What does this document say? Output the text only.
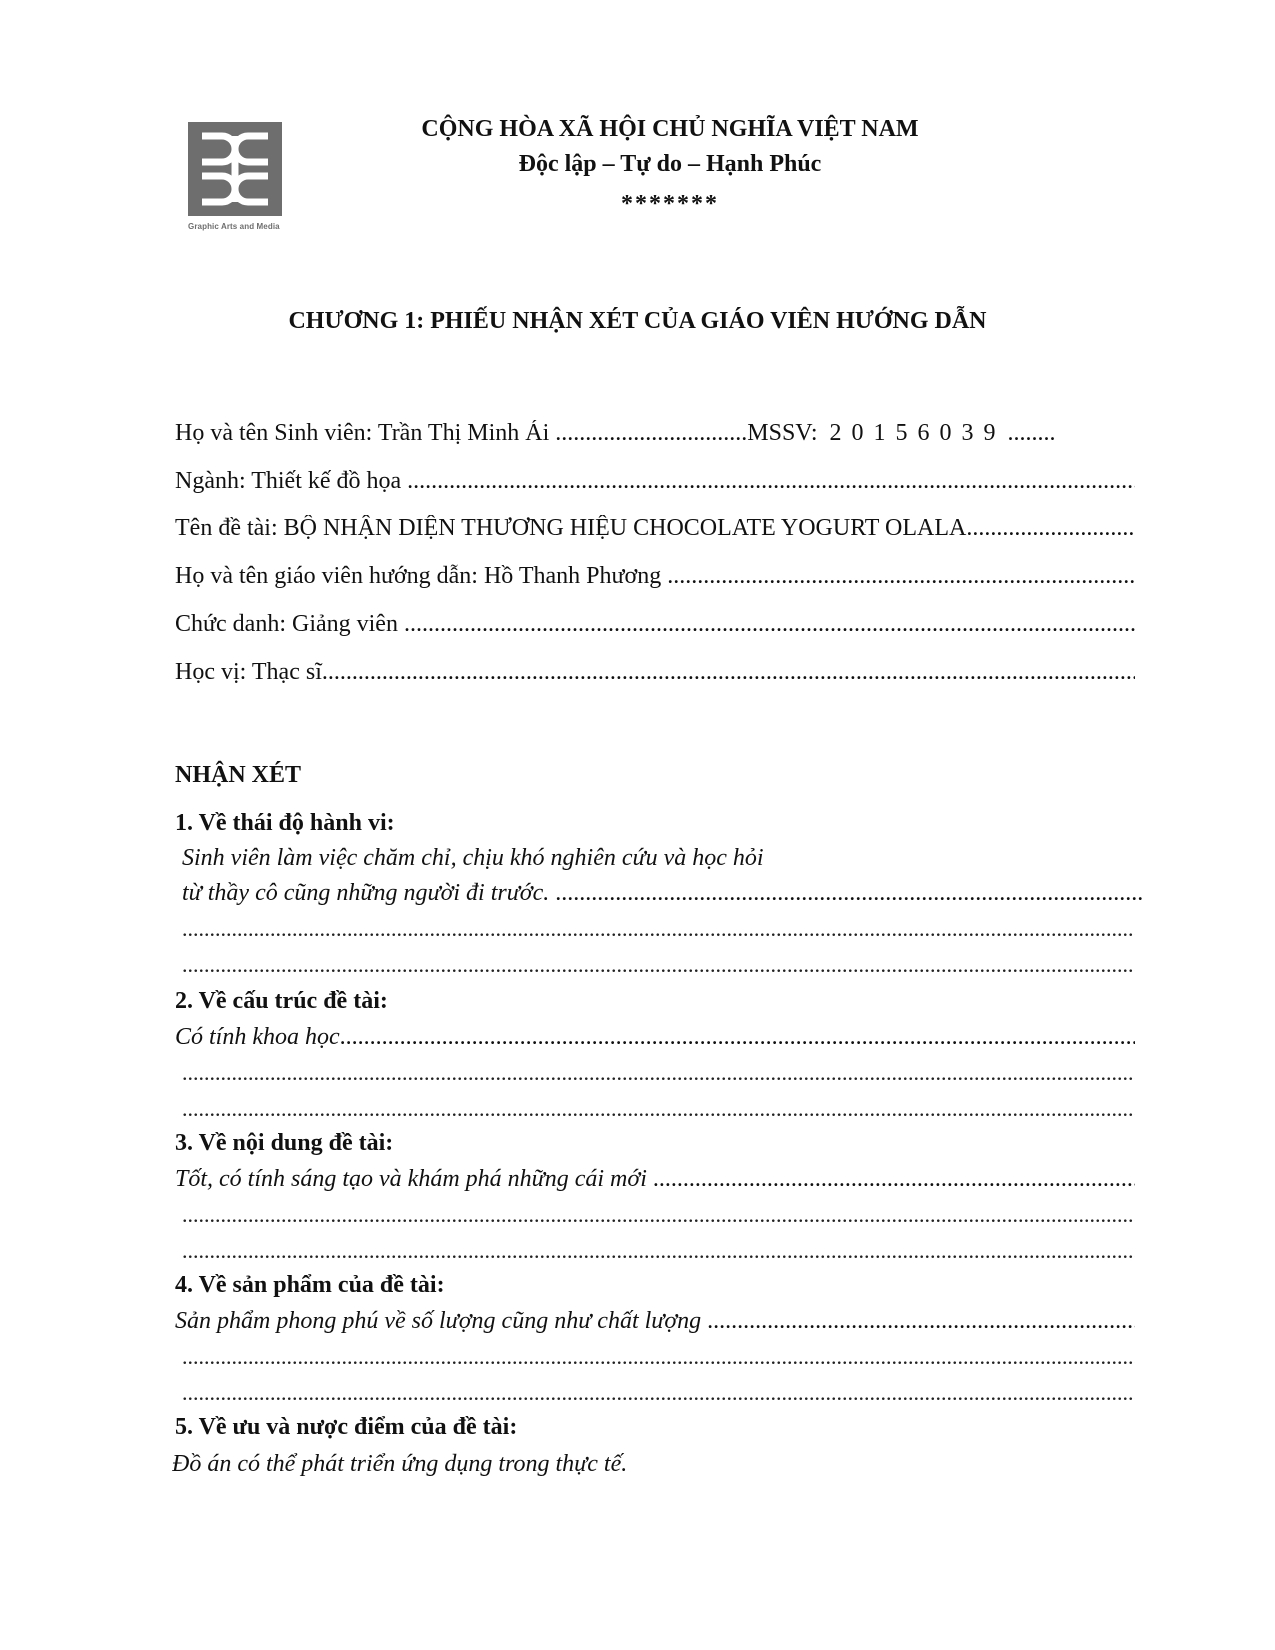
Graphic Arts and Media
CỘNG HÒA XÃ HỘI CHỦ NGHĨA VIỆT NAM
Độc lập – Tự do – Hạnh Phúc
*******
CHƯƠNG 1: PHIẾU NHẬN XÉT CỦA GIÁO VIÊN HƯỚNG DẪN
Họ và tên Sinh viên: Trần Thị Minh Ái ................................MSSV: 2 0 1 5 6 0 3 9 ........
Ngành: Thiết kế đồ họa .....
Tên đề tài: BỘ NHẬN DIỆN THƯƠNG HIỆU CHOCOLATE YOGURT OLALA .....
Họ và tên giáo viên hướng dẫn: Hồ Thanh Phương .....
Chức danh: Giảng viên .....
Học vị: Thạc sĩ .....
NHẬN XÉT
1. Về thái độ hành vi:
Sinh viên làm việc chăm chỉ, chịu khó nghiên cứu và học hỏi
từ thầy cô cũng những người đi trước. .....
.....
.....
2. Về cấu trúc đề tài:
Có tính khoa học .....
.....
.....
3. Về nội dung đề tài:
Tốt, có tính sáng tạo và khám phá những cái mới .....
.....
.....
4. Về sản phẩm của đề tài:
Sản phẩm phong phú về số lượng cũng như chất lượng .....
.....
.....
5. Về ưu và nược điểm của đề tài:
Đồ án có thể phát triển ứng dụng trong thực tế.
